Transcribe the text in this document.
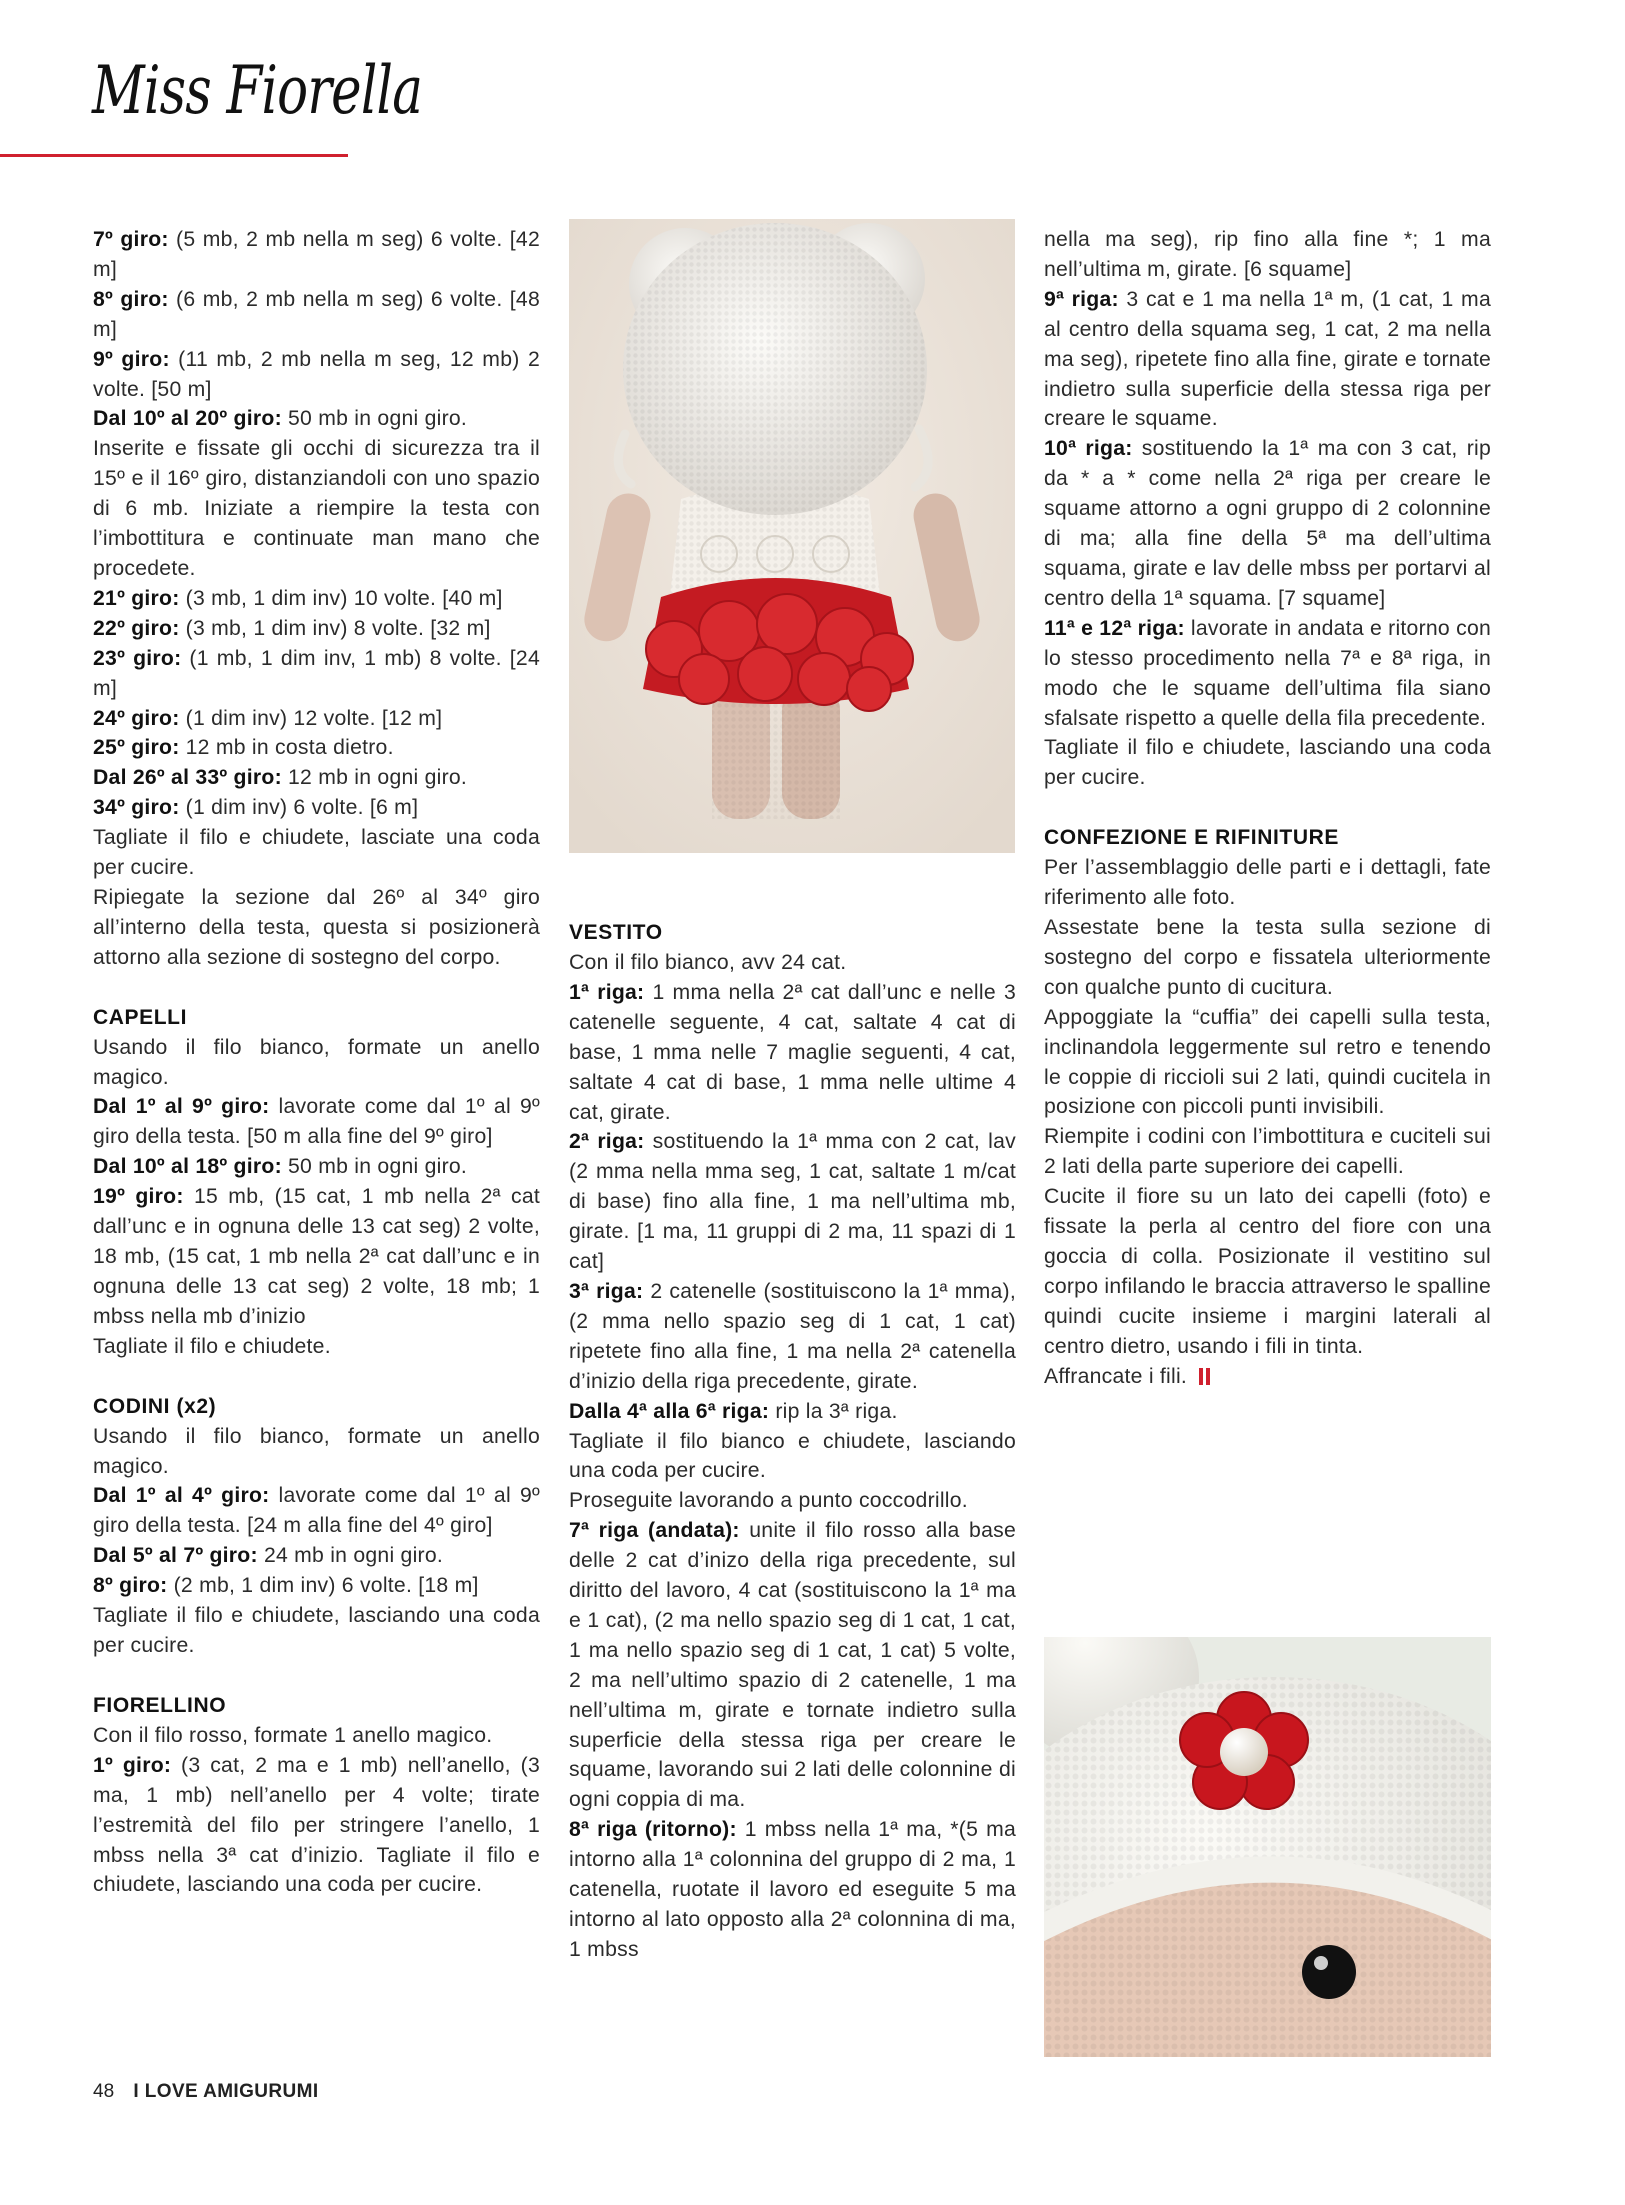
Miss Fiorella

7º giro: (5 mb, 2 mb nella m seg) 6 volte. [42 m]

8º giro: (6 mb, 2 mb nella m seg) 6 volte. [48 m]

9º giro: (11 mb, 2 mb nella m seg, 12 mb) 2 volte. [50 m]

Dal 10º al 20º giro: 50 mb in ogni giro.

Inserite e fissate gli occhi di sicurezza tra il 15º e il 16º giro, distanziandoli con uno spazio di 6 mb. Iniziate a riempire la testa con l’imbottitura e continuate man mano che procedete.

21º giro: (3 mb, 1 dim inv) 10 volte. [40 m]

22º giro: (3 mb, 1 dim inv) 8 volte. [32 m]

23º giro: (1 mb, 1 dim inv, 1 mb) 8 volte. [24 m]

24º giro: (1 dim inv) 12 volte. [12 m]

25º giro: 12 mb in costa dietro.

Dal 26º al 33º giro: 12 mb in ogni giro.

34º giro: (1 dim inv) 6 volte. [6 m]

Tagliate il filo e chiudete, lasciate una coda per cucire.

Ripiegate la sezione dal 26º al 34º giro all’interno della testa, questa si posizionerà attorno alla sezione di sostegno del corpo.

CAPELLI

Usando il filo bianco, formate un anello magico.

Dal 1º al 9º giro: lavorate come dal 1º al 9º giro della testa. [50 m alla fine del 9º giro]

Dal 10º al 18º giro: 50 mb in ogni giro.

19º giro: 15 mb, (15 cat, 1 mb nella 2ª cat dall’unc e in ognuna delle 13 cat seg) 2 volte, 18 mb, (15 cat, 1 mb nella 2ª cat dall’unc e in ognuna delle 13 cat seg) 2 volte, 18 mb; 1 mbss nella mb d’inizio

Tagliate il filo e chiudete.

CODINI (x2)

Usando il filo bianco, formate un anello magico.

Dal 1º al 4º giro: lavorate come dal 1º al 9º giro della testa. [24 m alla fine del 4º giro]

Dal 5º al 7º giro: 24 mb in ogni giro.

8º giro: (2 mb, 1 dim inv) 6 volte. [18 m]

Tagliate il filo e chiudete, lasciando una coda per cucire.

FIORELLINO

Con il filo rosso, formate 1 anello magico.

1º giro: (3 cat, 2 ma e 1 mb) nell’anello, (3 ma, 1 mb) nell’anello per 4 volte; tirate l’estremità del filo per stringere l’anello, 1 mbss nella 3ª cat d’inizio. Tagliate il filo e chiudete, lasciando una coda per cucire.

VESTITO

Con il filo bianco, avv 24 cat.

1ª riga: 1 mma nella 2ª cat dall’unc e nelle 3 catenelle seguente, 4 cat, saltate 4 cat di base, 1 mma nelle 7 maglie seguenti, 4 cat, saltate 4 cat di base, 1 mma nelle ultime 4 cat, girate.

2ª riga: sostituendo la 1ª mma con 2 cat, lav (2 mma nella mma seg, 1 cat, saltate 1 m/cat di base) fino alla fine, 1 ma nell’ultima mb, girate. [1 ma, 11 gruppi di 2 ma, 11 spazi di 1 cat]

3ª riga: 2 catenelle (sostituiscono la 1ª mma), (2 mma nello spazio seg di 1 cat, 1 cat) ripetete fino alla fine, 1 ma nella 2ª catenella d’inizio della riga precedente, girate.

Dalla 4ª alla 6ª riga: rip la 3ª riga.

Tagliate il filo bianco e chiudete, lasciando una coda per cucire.

Proseguite lavorando a punto coccodrillo.

7ª riga (andata): unite il filo rosso alla base delle 2 cat d’inizo della riga precedente, sul diritto del lavoro, 4 cat (sostituiscono la 1ª ma e 1 cat), (2 ma nello spazio seg di 1 cat, 1 cat, 1 ma nello spazio seg di 1 cat, 1 cat) 5 volte, 2 ma nell’ultimo spazio di 2 catenelle, 1 ma nell’ultima m, girate e tornate indietro sulla superficie della stessa riga per creare le squame, lavorando sui 2 lati delle colonnine di ogni coppia di ma.

8ª riga (ritorno): 1 mbss nella 1ª ma, *(5 ma intorno alla 1ª colonnina del gruppo di 2 ma, 1 catenella, ruotate il lavoro ed eseguite 5 ma intorno al lato opposto alla 2ª colonnina di ma, 1 mbss

nella ma seg), rip fino alla fine *; 1 ma nell’ultima m, girate. [6 squame]

9ª riga: 3 cat e 1 ma nella 1ª m, (1 cat, 1 ma al centro della squama seg, 1 cat, 2 ma nella ma seg), ripetete fino alla fine, girate e tornate indietro sulla superficie della stessa riga per creare le squame.

10ª riga: sostituendo la 1ª ma con 3 cat, rip da * a * come nella 2ª riga per creare le squame attorno a ogni gruppo di 2 colonnine di ma; alla fine della 5ª ma dell’ultima squama, girate e lav delle mbss per portarvi al centro della 1ª squama. [7 squame]

11ª e 12ª riga: lavorate in andata e ritorno con lo stesso procedimento nella 7ª e 8ª riga, in modo che le squame dell’ultima fila siano sfalsate rispetto a quelle della fila precedente.

Tagliate il filo e chiudete, lasciando una coda per cucire.

CONFEZIONE E RIFINITURE

Per l’assemblaggio delle parti e i dettagli, fate riferimento alle foto.

Assestate bene la testa sulla sezione di sostegno del corpo e fissatela ulteriormente con qualche punto di cucitura.

Appoggiate la “cuffia” dei capelli sulla testa, inclinandola leggermente sul retro e tenendo le coppie di riccioli sui 2 lati, quindi cucitela in posizione con piccoli punti invisibili.

Riempite i codini con l’imbottitura e cuciteli sui 2 lati della parte superiore dei capelli.

Cucite il fiore su un lato dei capelli (foto) e fissate la perla al centro del fiore con una goccia di colla. Posizionate il vestitino sul corpo infilando le braccia attraverso le spalline quindi cucite insieme i margini laterali al centro dietro, usando i fili in tinta.

Affrancate i fili.

48 I LOVE AMIGURUMI
